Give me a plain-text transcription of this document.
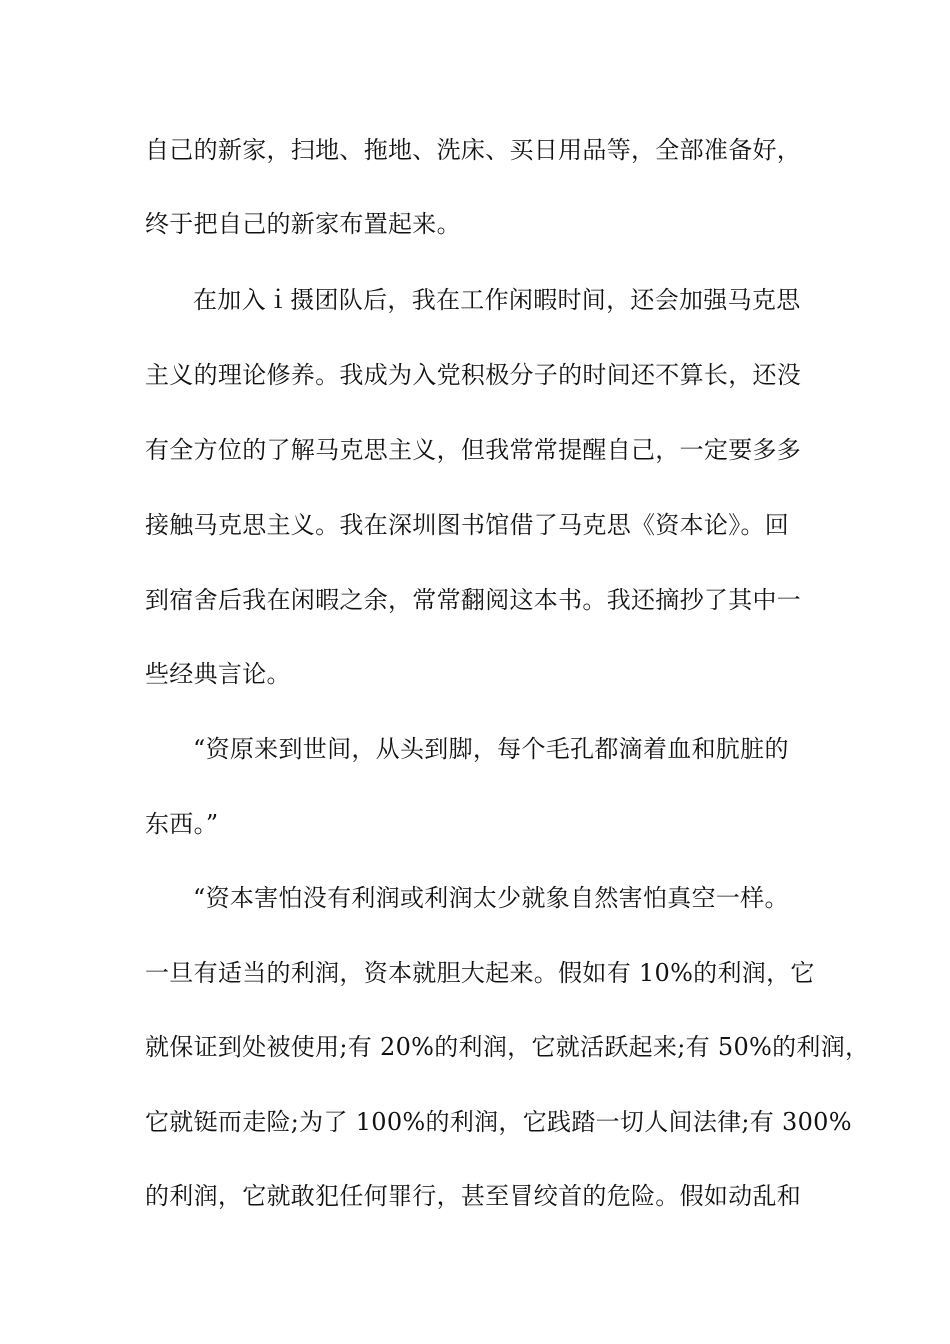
自己的新家，扫地、拖地、洗床、买日用品等，全部准备好，
终于把自己的新家布置起来。
在加入ｉ摄团队后，我在工作闲暇时间，还会加强马克思
主义的理论修养。我成为入党积极分子的时间还不算长，还没
有全方位的了解马克思主义，但我常常提醒自己，一定要多多
接触马克思主义。我在深圳图书馆借了马克思《资本论》。回
到宿舍后我在闲暇之余，常常翻阅这本书。我还摘抄了其中一
些经典言论。
“资原来到世间，从头到脚，每个毛孔都滴着血和肮脏的
东西。”
“资本害怕没有利润或利润太少就象自然害怕真空一样。
一旦有适当的利润，资本就胆大起来。假如有 10%的利润，它
就保证到处被使用;有 20%的利润，它就活跃起来;有 50%的利润，
它就铤而走险;为了 100%的利润，它践踏一切人间法律;有 300%
的利润，它就敢犯任何罪行，甚至冒绞首的危险。假如动乱和
